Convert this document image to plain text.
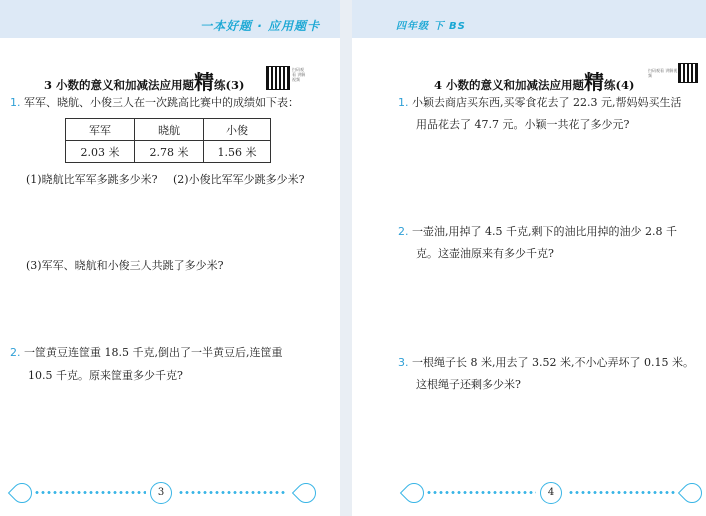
一本好题 · 应用题卡
3 小数的意义和加减法应用题精练(3)
扫码观看 讲解视频
1. 军军、晓航、小俊三人在一次跳高比赛中的成绩如下表：
军军	晓航	小俊
2.03 米	2.78 米	1.56 米
(1)晓航比军军多跳多少米? (2)小俊比军军少跳多少米?
(3)军军、晓航和小俊三人共跳了多少米?
2. 一筐黄豆连筐重 18.5 千克,倒出了一半黄豆后,连筐重
10.5 千克。原来筐重多少千克?
3
四年级 下 BS
4 小数的意义和加减法应用题精练(4)
扫码观看 讲解视频
1. 小颖去商店买东西,买零食花去了 22.3 元,帮妈妈买生活
用品花去了 47.7 元。小颖一共花了多少元?
2. 一壶油,用掉了 4.5 千克,剩下的油比用掉的油少 2.8 千
克。这壶油原来有多少千克?
3. 一根绳子长 8 米,用去了 3.52 米,不小心弄坏了 0.15 米。
这根绳子还剩多少米?
4
